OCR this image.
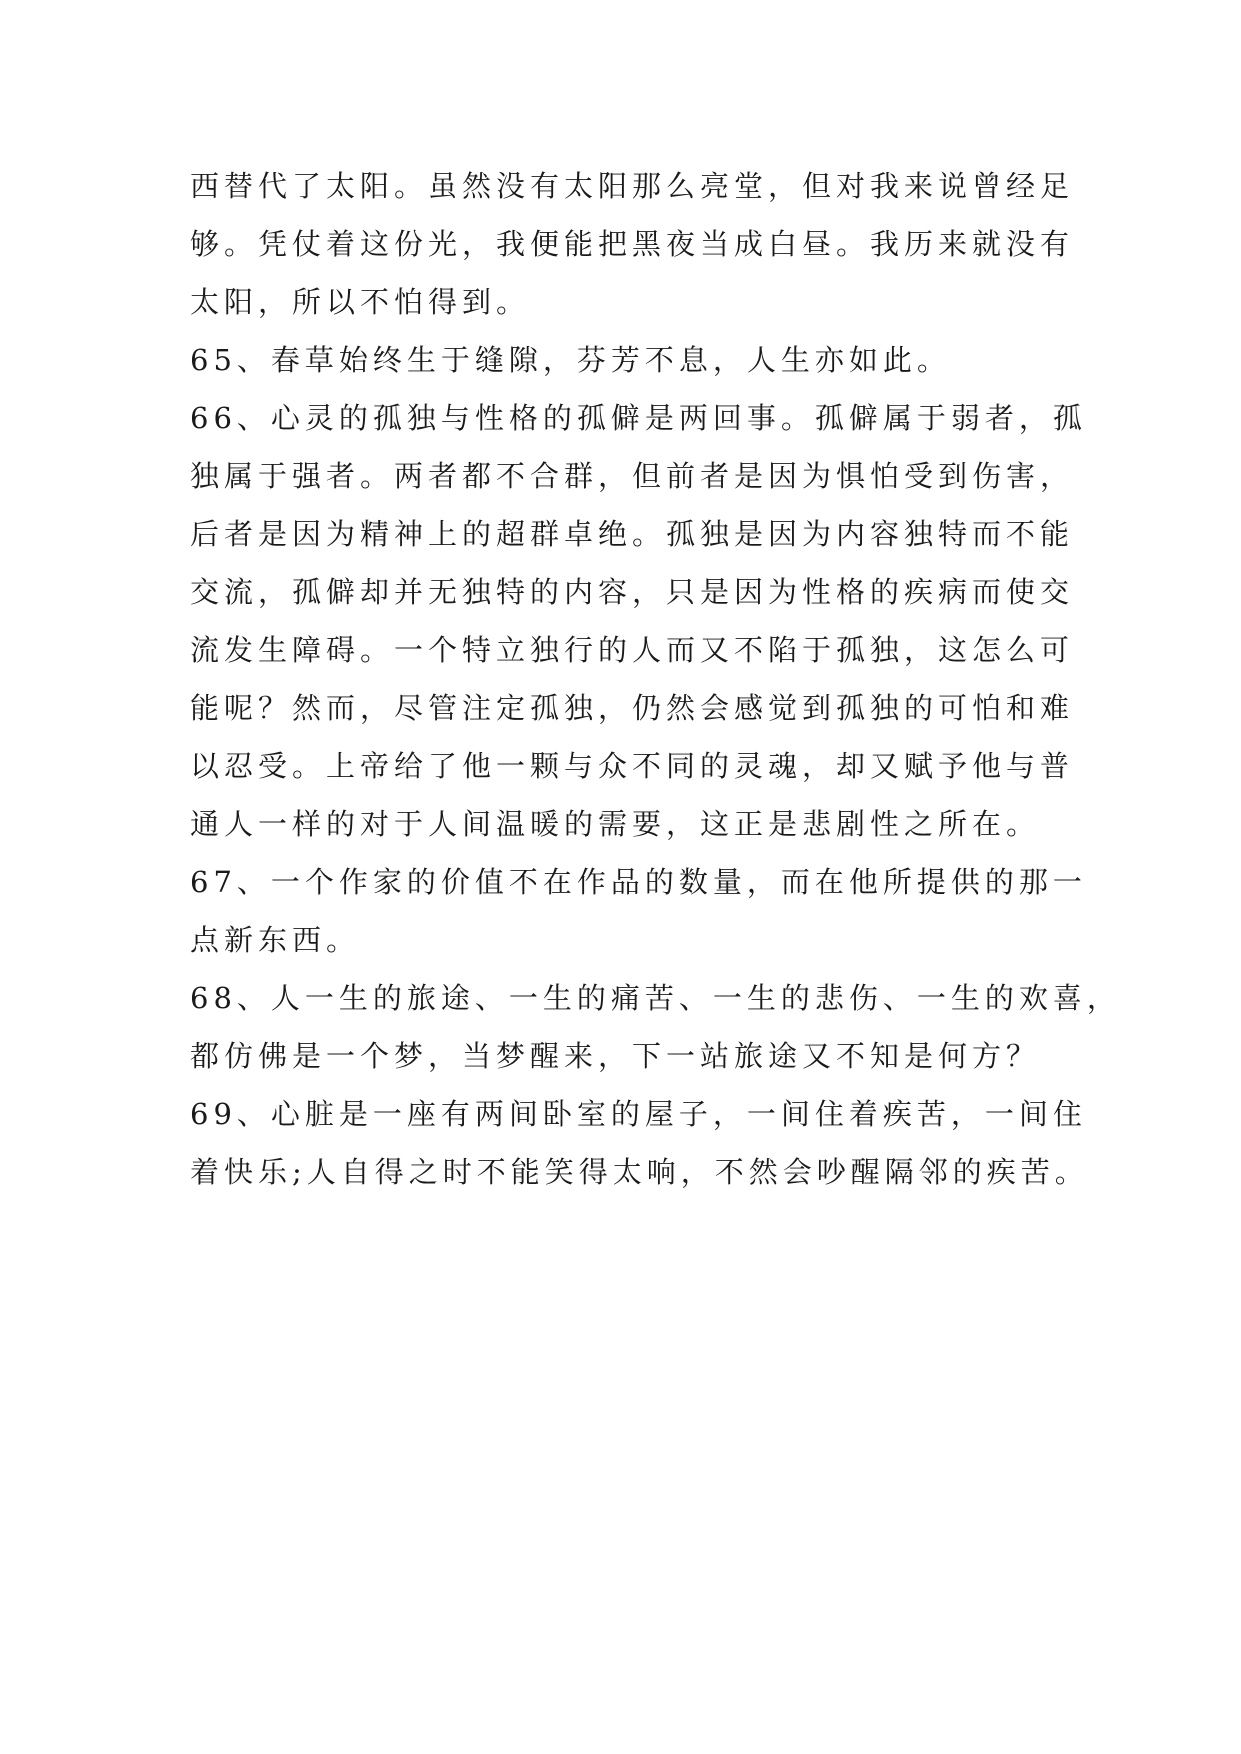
西替代了太阳。虽然没有太阳那么亮堂，但对我来说曾经足
够。凭仗着这份光，我便能把黑夜当成白昼。我历来就没有
太阳，所以不怕得到。
65、春草始终生于缝隙，芬芳不息，人生亦如此。
66、心灵的孤独与性格的孤僻是两回事。孤僻属于弱者，孤
独属于强者。两者都不合群，但前者是因为惧怕受到伤害，
后者是因为精神上的超群卓绝。孤独是因为内容独特而不能
交流，孤僻却并无独特的内容，只是因为性格的疾病而使交
流发生障碍。一个特立独行的人而又不陷于孤独，这怎么可
能呢？然而，尽管注定孤独，仍然会感觉到孤独的可怕和难
以忍受。上帝给了他一颗与众不同的灵魂，却又赋予他与普
通人一样的对于人间温暖的需要，这正是悲剧性之所在。
67、一个作家的价值不在作品的数量，而在他所提供的那一
点新东西。
68、人一生的旅途、一生的痛苦、一生的悲伤、一生的欢喜，
都仿佛是一个梦，当梦醒来，下一站旅途又不知是何方？
69、心脏是一座有两间卧室的屋子，一间住着疾苦，一间住
着快乐;人自得之时不能笑得太响，不然会吵醒隔邻的疾苦。
